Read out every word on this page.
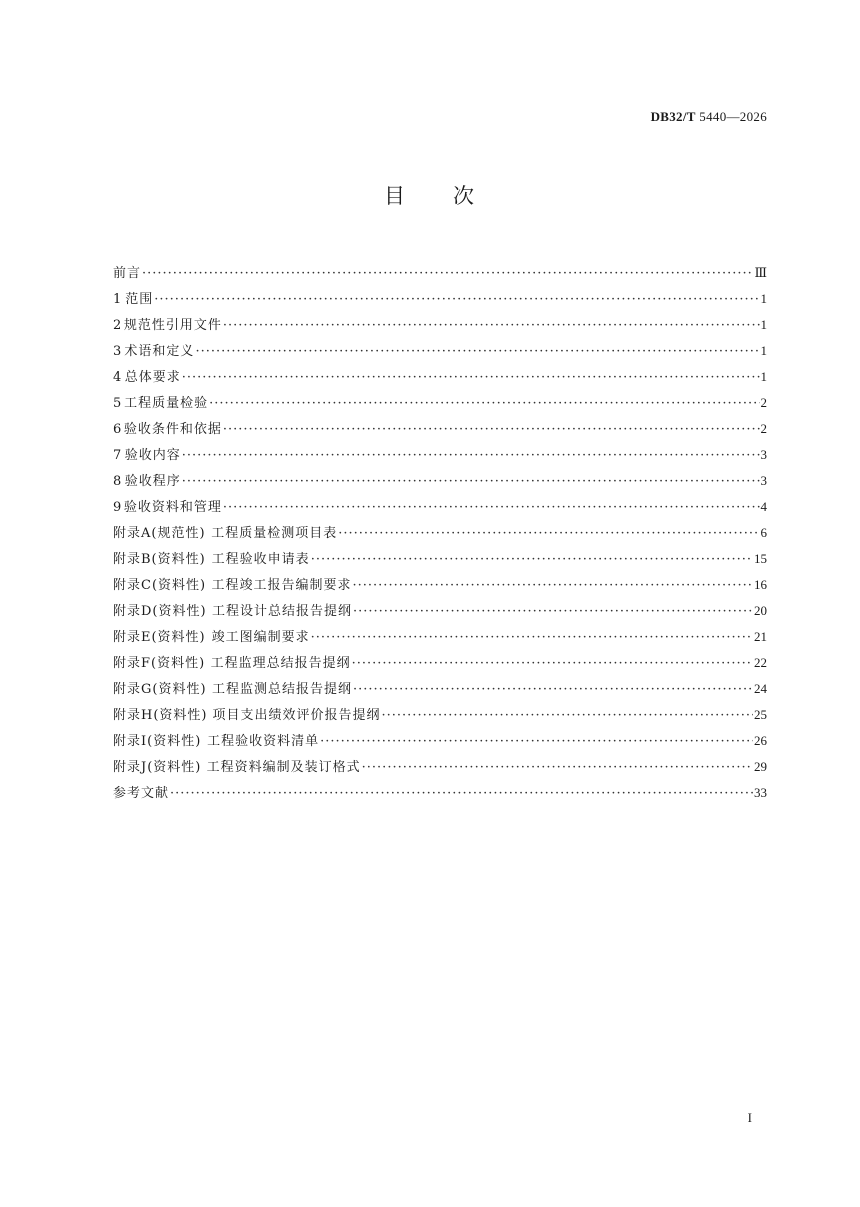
DB32/T 5440—2026
目 次
前言 ·····	Ⅲ
1 范围 ·····	1
2 规范性引用文件 ·····	1
3 术语和定义 ·····	1
4 总体要求 ·····	1
5 工程质量检验 ·····	2
6 验收条件和依据 ·····	2
7 验收内容 ·····	3
8 验收程序 ·····	3
9 验收资料和管理 ·····	4
附录A(规范性) 工程质量检测项目表 ·····	6
附录B(资料性) 工程验收申请表 ·····	15
附录C(资料性) 工程竣工报告编制要求 ·····	16
附录D(资料性) 工程设计总结报告提纲 ·····	20
附录E(资料性) 竣工图编制要求 ·····	21
附录F(资料性) 工程监理总结报告提纲 ·····	22
附录G(资料性) 工程监测总结报告提纲 ·····	24
附录H(资料性) 项目支出绩效评价报告提纲 ·····	25
附录I(资料性) 工程验收资料清单 ·····	26
附录J(资料性) 工程资料编制及装订格式 ·····	29
参考文献 ·····	33
I
